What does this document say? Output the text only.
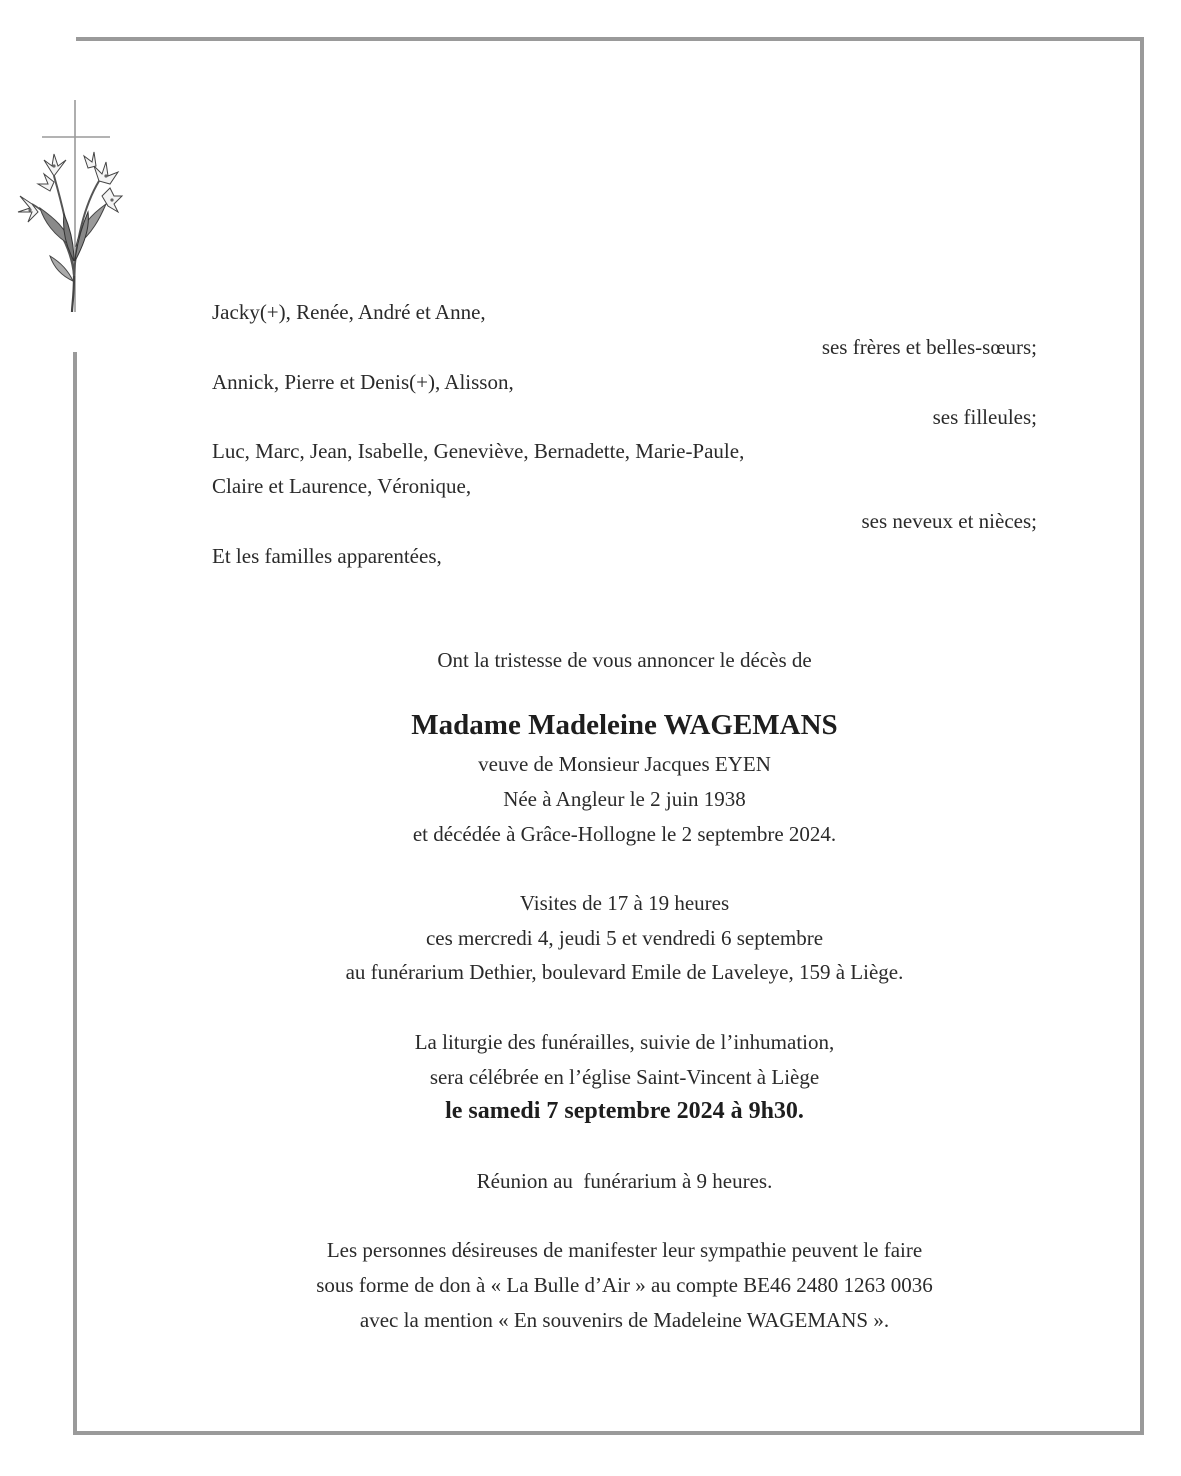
Jacky(+), Renée, André et Anne,
ses frères et belles-sœurs;
Annick, Pierre et Denis(+), Alisson,
ses filleules;
Luc, Marc, Jean, Isabelle, Geneviève, Bernadette, Marie-Paule,
Claire et Laurence, Véronique,
ses neveux et nièces;
Et les familles apparentées,
Ont la tristesse de vous annoncer le décès de
Madame Madeleine WAGEMANS
veuve de Monsieur Jacques EYEN
Née à Angleur le 2 juin 1938
et décédée à Grâce-Hollogne le 2 septembre 2024.
Visites de 17 à 19 heures
ces mercredi 4, jeudi 5 et vendredi 6 septembre
au funérarium Dethier, boulevard Emile de Laveleye, 159 à Liège.
La liturgie des funérailles, suivie de l’inhumation,
sera célébrée en l’église Saint-Vincent à Liège
le samedi 7 septembre 2024 à 9h30.
Réunion au  funérarium à 9 heures.
Les personnes désireuses de manifester leur sympathie peuvent le faire
sous forme de don à « La Bulle d’Air » au compte BE46 2480 1263 0036
avec la mention « En souvenirs de Madeleine WAGEMANS ».
